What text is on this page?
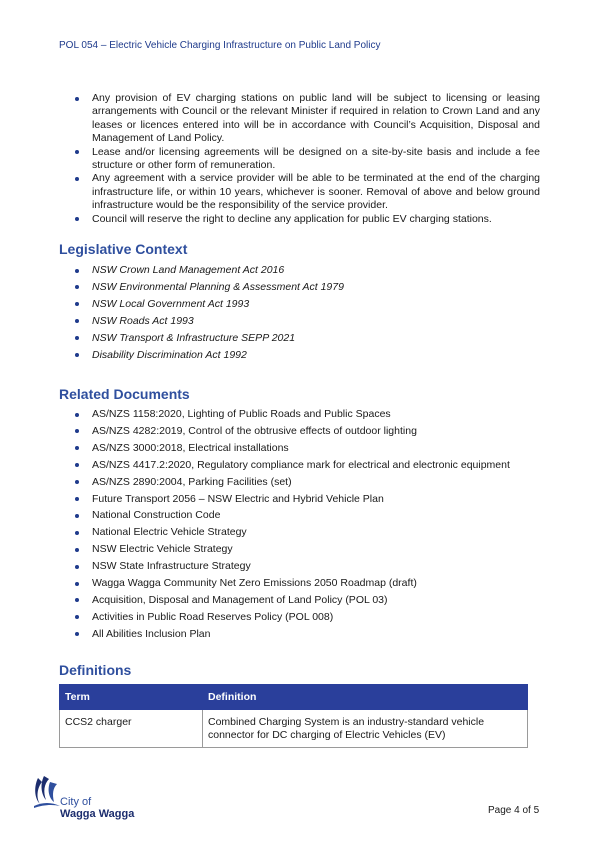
POL 054 – Electric Vehicle Charging Infrastructure on Public Land Policy
Any provision of EV charging stations on public land will be subject to licensing or leasing arrangements with Council or the relevant Minister if required in relation to Crown Land and any leases or licences entered into will be in accordance with Council’s Acquisition, Disposal and Management of Land Policy.
Lease and/or licensing agreements will be designed on a site-by-site basis and include a fee structure or other form of remuneration.
Any agreement with a service provider will be able to be terminated at the end of the charging infrastructure life, or within 10 years, whichever is sooner. Removal of above and below ground infrastructure would be the responsibility of the service provider.
Council will reserve the right to decline any application for public EV charging stations.
Legislative Context
NSW Crown Land Management Act 2016
NSW Environmental Planning & Assessment Act 1979
NSW Local Government Act 1993
NSW Roads Act 1993
NSW Transport & Infrastructure SEPP 2021
Disability Discrimination Act 1992
Related Documents
AS/NZS 1158:2020, Lighting of Public Roads and Public Spaces
AS/NZS 4282:2019, Control of the obtrusive effects of outdoor lighting
AS/NZS 3000:2018, Electrical installations
AS/NZS 4417.2:2020, Regulatory compliance mark for electrical and electronic equipment
AS/NZS 2890:2004, Parking Facilities (set)
Future Transport 2056 – NSW Electric and Hybrid Vehicle Plan
National Construction Code
National Electric Vehicle Strategy
NSW Electric Vehicle Strategy
NSW State Infrastructure Strategy
Wagga Wagga Community Net Zero Emissions 2050 Roadmap (draft)
Acquisition, Disposal and Management of Land Policy (POL 03)
Activities in Public Road Reserves Policy (POL 008)
All Abilities Inclusion Plan
Definitions
Term	Definition
CCS2 charger	Combined Charging System is an industry-standard vehicle connector for DC charging of Electric Vehicles (EV)
City of
Wagga Wagga	Page 4 of 5
